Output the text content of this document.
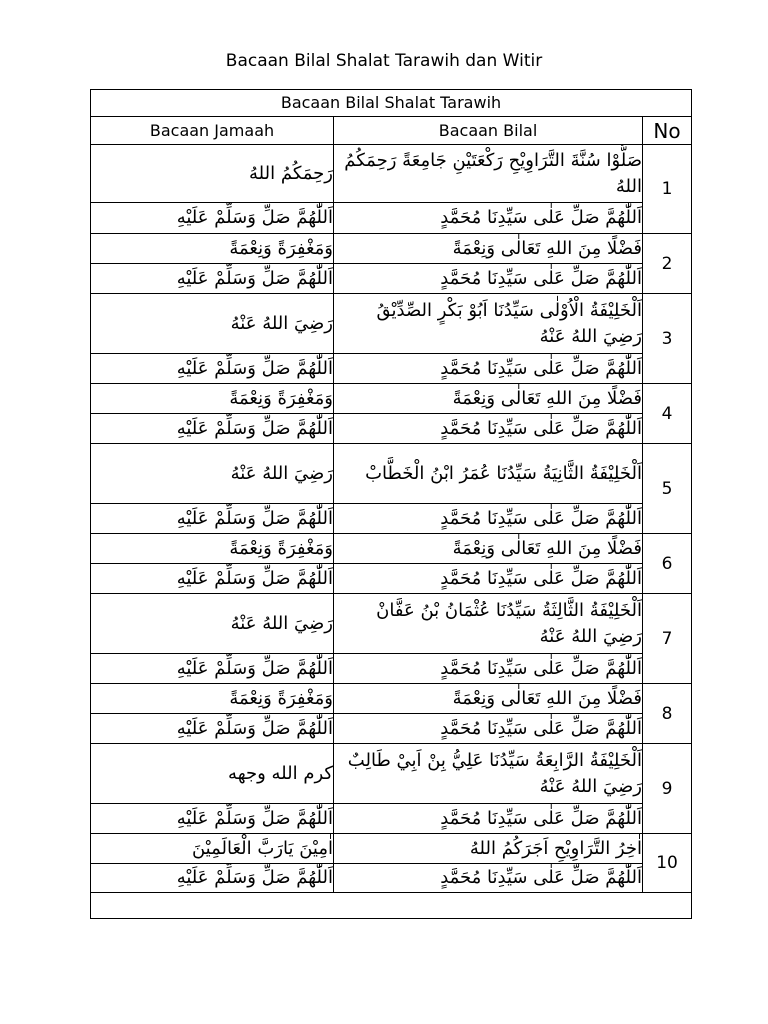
Bacaan Bilal Shalat Tarawih dan Witir
Bacaan Bilal Shalat Tarawih		
Bacaan Jamaah	Bacaan Bilal	No
رَحِمَكُمُ اللهُ	صَلُّوْا سُنَّةَ التَّرَاوِيْحِ رَكْعَتَيْنِ جَامِعَةً رَحِمَكُمُ اللهُ	1
اَللّٰهُمَّ صَلِّ وَسَلِّمْ عَلَيْهِ	اَللّٰهُمَّ صَلِّ عَلٰى سَيِّدِنَا مُحَمَّدٍ	
وَمَغْفِرَةً وَنِعْمَةً	فَضْلًا مِنَ اللهِ تَعَالٰى وَنِعْمَةً	2
اَللّٰهُمَّ صَلِّ وَسَلِّمْ عَلَيْهِ	اَللّٰهُمَّ صَلِّ عَلٰى سَيِّدِنَا مُحَمَّدٍ	
رَضِيَ اللهُ عَنْهُ	اَلْخَلِيْفَةُ الْاُوْلٰى سَيِّدُنَا اَبُوْ بَكْرٍ الصِّدِّيْقُ رَضِيَ اللهُ عَنْهُ	3
اَللّٰهُمَّ صَلِّ وَسَلِّمْ عَلَيْهِ	اَللّٰهُمَّ صَلِّ عَلٰى سَيِّدِنَا مُحَمَّدٍ	
وَمَغْفِرَةً وَنِعْمَةً	فَضْلًا مِنَ اللهِ تَعَالٰى وَنِعْمَةً	4
اَللّٰهُمَّ صَلِّ وَسَلِّمْ عَلَيْهِ	اَللّٰهُمَّ صَلِّ عَلٰى سَيِّدِنَا مُحَمَّدٍ	
رَضِيَ اللهُ عَنْهُ	اَلْخَلِيْفَةُ الثَّانِيَةُ سَيِّدُنَا عُمَرُ ابْنُ الْخَطَّابْ	5
اَللّٰهُمَّ صَلِّ وَسَلِّمْ عَلَيْهِ	اَللّٰهُمَّ صَلِّ عَلٰى سَيِّدِنَا مُحَمَّدٍ	
وَمَغْفِرَةً وَنِعْمَةً	فَضْلًا مِنَ اللهِ تَعَالٰى وَنِعْمَةً	6
اَللّٰهُمَّ صَلِّ وَسَلِّمْ عَلَيْهِ	اَللّٰهُمَّ صَلِّ عَلٰى سَيِّدِنَا مُحَمَّدٍ	
رَضِيَ اللهُ عَنْهُ	اَلْخَلِيْفَةُ الثَّالِثَةُ سَيِّدُنَا عُثْمَانُ بْنُ عَفَّانْ رَضِيَ اللهُ عَنْهُ	7
اَللّٰهُمَّ صَلِّ وَسَلِّمْ عَلَيْهِ	اَللّٰهُمَّ صَلِّ عَلٰى سَيِّدِنَا مُحَمَّدٍ	
وَمَغْفِرَةً وَنِعْمَةً	فَضْلًا مِنَ اللهِ تَعَالٰى وَنِعْمَةً	8
اَللّٰهُمَّ صَلِّ وَسَلِّمْ عَلَيْهِ	اَللّٰهُمَّ صَلِّ عَلٰى سَيِّدِنَا مُحَمَّدٍ	
كرم الله وجهه	اَلْخَلِيْفَةُ الرَّابِعَةُ سَيِّدُنَا عَلِيُّ بِنْ اَبِيْ طَالِبٌ رَضِيَ اللهُ عَنْهُ	9
اَللّٰهُمَّ صَلِّ وَسَلِّمْ عَلَيْهِ	اَللّٰهُمَّ صَلِّ عَلٰى سَيِّدِنَا مُحَمَّدٍ	
اٰمِيْنَ يَارَبَّ الْعَالَمِيْنَ	اٰخِرُ التَّرَاوِيْحِ اَجَرَكُمُ اللهُ	10
اَللّٰهُمَّ صَلِّ وَسَلِّمْ عَلَيْهِ	اَللّٰهُمَّ صَلِّ عَلٰى سَيِّدِنَا مُحَمَّدٍ	
